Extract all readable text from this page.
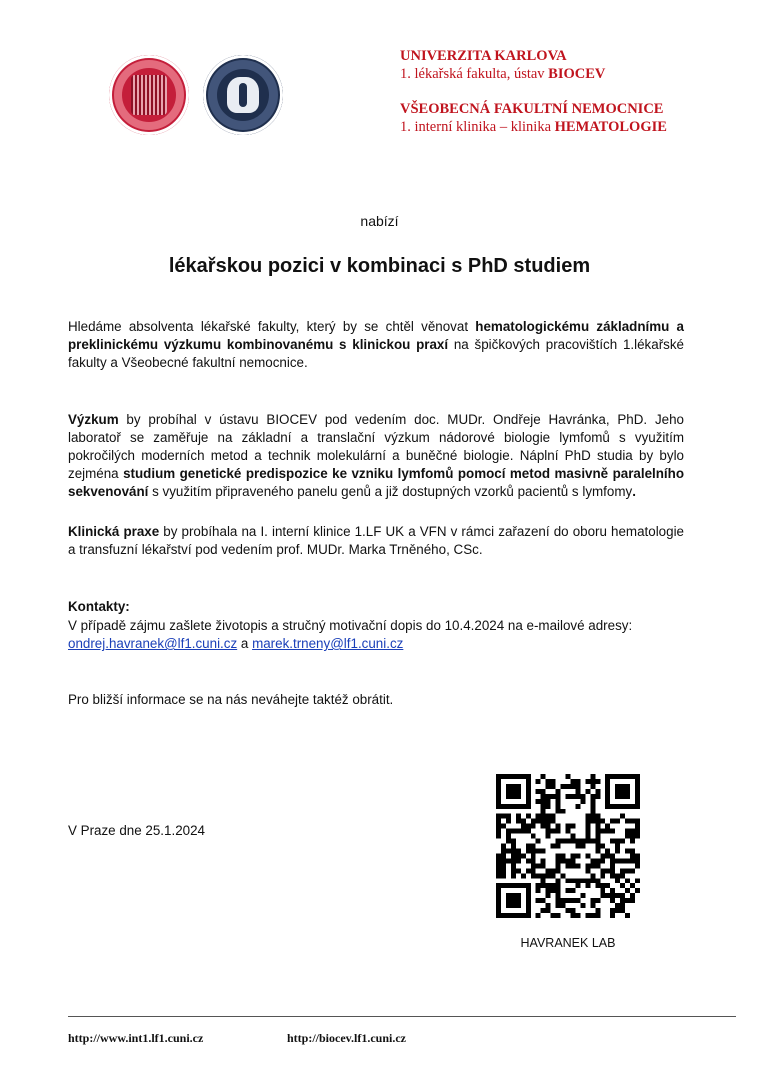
UNIVERZITA KARLOVA
1. lékařská fakulta, ústav BIOCEV
VŠEOBECNÁ FAKULTNÍ NEMOCNICE
1. interní klinika – klinika HEMATOLOGIE
nabízí
lékařskou pozici v kombinaci s PhD studiem
Hledáme absolventa lékařské fakulty, který by se chtěl věnovat hematologickému základnímu a preklinickému výzkumu kombinovanému s klinickou praxí na špičkových pracovištích 1.lékařské fakulty a Všeobecné fakultní nemocnice.
Výzkum by probíhal v ústavu BIOCEV pod vedením doc. MUDr. Ondřeje Havránka, PhD. Jeho laboratoř se zaměřuje na základní a translační výzkum nádorové biologie lymfomů s využitím pokročilých moderních metod a technik molekulární a buněčné biologie. Náplní PhD studia by bylo zejména studium genetické predispozice ke vzniku lymfomů pomocí metod masivně paralelního sekvenování s využitím připraveného panelu genů a již dostupných vzorků pacientů s lymfomy.
Klinická praxe by probíhala na I. interní klinice 1.LF UK a VFN v rámci zařazení do oboru hematologie a transfuzní lékařství pod vedením prof. MUDr. Marka Trněného, CSc.
Kontakty:
V případě zájmu zašlete životopis a stručný motivační dopis do 10.4.2024 na e-mailové adresy:
ondrej.havranek@lf1.cuni.cz a marek.trneny@lf1.cuni.cz
Pro bližší informace se na nás neváhejte taktéž obrátit.
V Praze dne 25.1.2024
HAVRANEK LAB
http://www.int1.lf1.cuni.cz	http://biocev.lf1.cuni.cz
